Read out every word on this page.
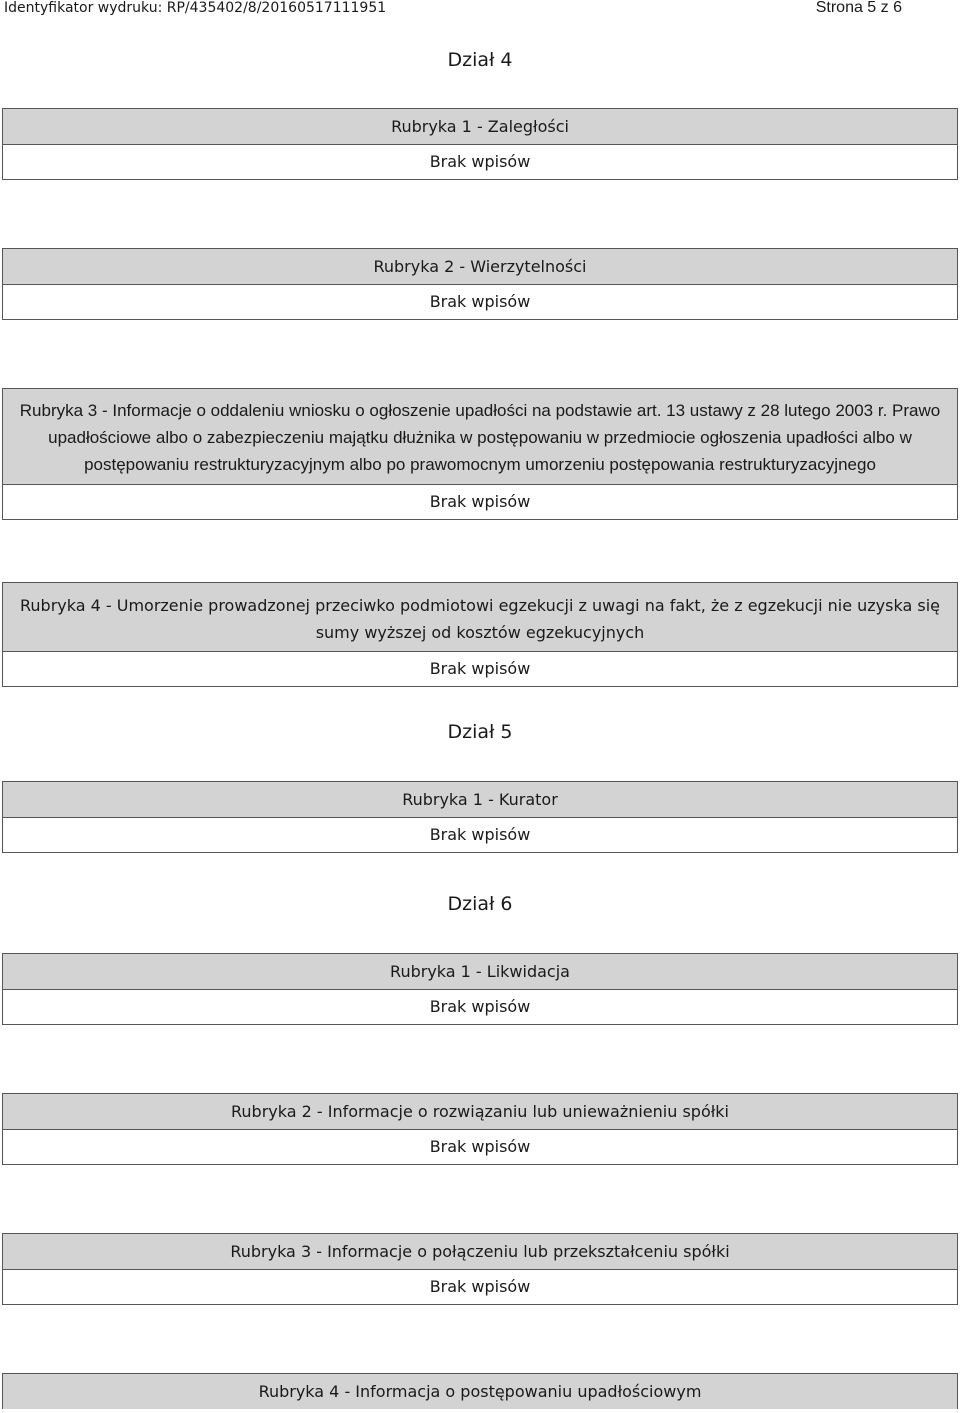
Identyfikator wydruku: RP/435402/8/20160517111951	Strona 5 z 6
Dział 4
Rubryka 1 - Zaległości
Brak wpisów
Rubryka 2 - Wierzytelności
Brak wpisów
Rubryka 3 - Informacje o oddaleniu wniosku o ogłoszenie upadłości na podstawie art. 13 ustawy z 28 lutego 2003 r. Prawo upadłościowe albo o zabezpieczeniu majątku dłużnika w postępowaniu w przedmiocie ogłoszenia upadłości albo w postępowaniu restrukturyzacyjnym albo po prawomocnym umorzeniu postępowania restrukturyzacyjnego
Brak wpisów
Rubryka 4 - Umorzenie prowadzonej przeciwko podmiotowi egzekucji z uwagi na fakt, że z egzekucji nie uzyska się sumy wyższej od kosztów egzekucyjnych
Brak wpisów
Dział 5
Rubryka 1 - Kurator
Brak wpisów
Dział 6
Rubryka 1 - Likwidacja
Brak wpisów
Rubryka 2 - Informacje o rozwiązaniu lub unieważnieniu spółki
Brak wpisów
Rubryka 3 - Informacje o połączeniu lub przekształceniu spółki
Brak wpisów
Rubryka 4 - Informacja o postępowaniu upadłościowym
